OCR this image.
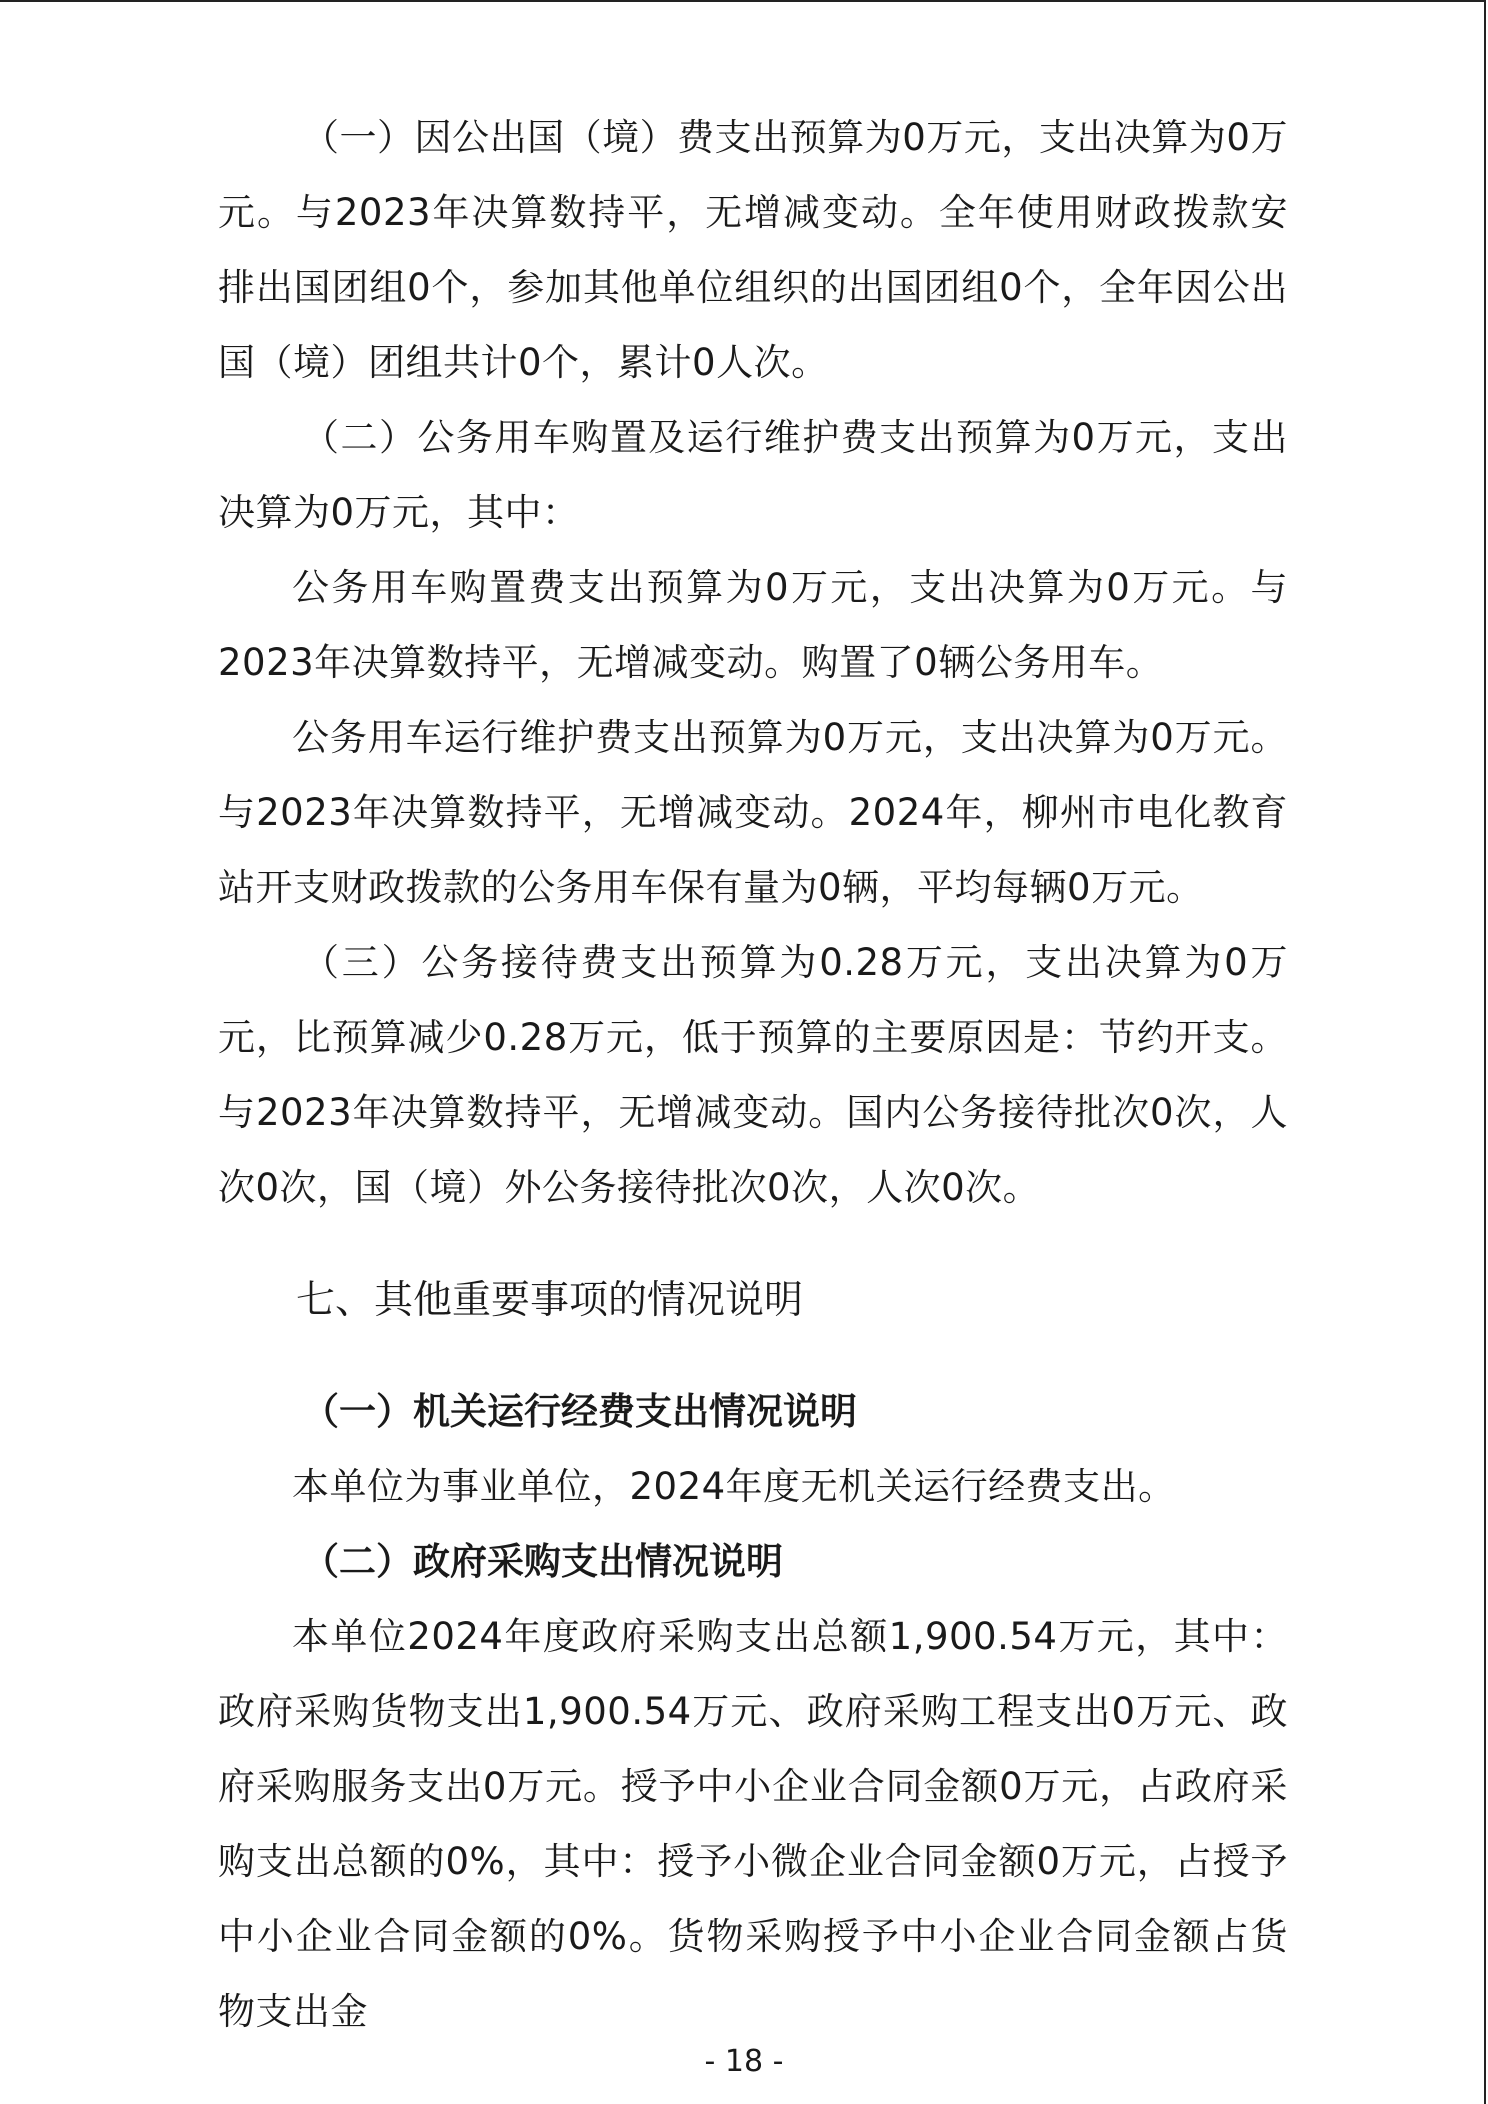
（一）因公出国（境）费支出预算为0万元，支出决算为0万元。与2023年决算数持平，无增减变动。全年使用财政拨款安排出国团组0个，参加其他单位组织的出国团组0个，全年因公出国（境）团组共计0个，累计0人次。

（二）公务用车购置及运行维护费支出预算为0万元，支出决算为0万元，其中：

公务用车购置费支出预算为0万元，支出决算为0万元。与2023年决算数持平，无增减变动。购置了0辆公务用车。

公务用车运行维护费支出预算为0万元，支出决算为0万元。与2023年决算数持平，无增减变动。2024年，柳州市电化教育站开支财政拨款的公务用车保有量为0辆，平均每辆0万元。

（三）公务接待费支出预算为0.28万元，支出决算为0万元，比预算减少0.28万元，低于预算的主要原因是：节约开支。与2023年决算数持平，无增减变动。国内公务接待批次0次，人次0次，国（境）外公务接待批次0次，人次0次。

七、其他重要事项的情况说明
（一）机关运行经费支出情况说明

本单位为事业单位，2024年度无机关运行经费支出。

（二）政府采购支出情况说明

本单位2024年度政府采购支出总额1,900.54万元，其中：政府采购货物支出1,900.54万元、政府采购工程支出0万元、政府采购服务支出0万元。授予中小企业合同金额0万元，占政府采购支出总额的0%，其中：授予小微企业合同金额0万元，占授予中小企业合同金额的0%。货物采购授予中小企业合同金额占货物支出金

- 18 -
